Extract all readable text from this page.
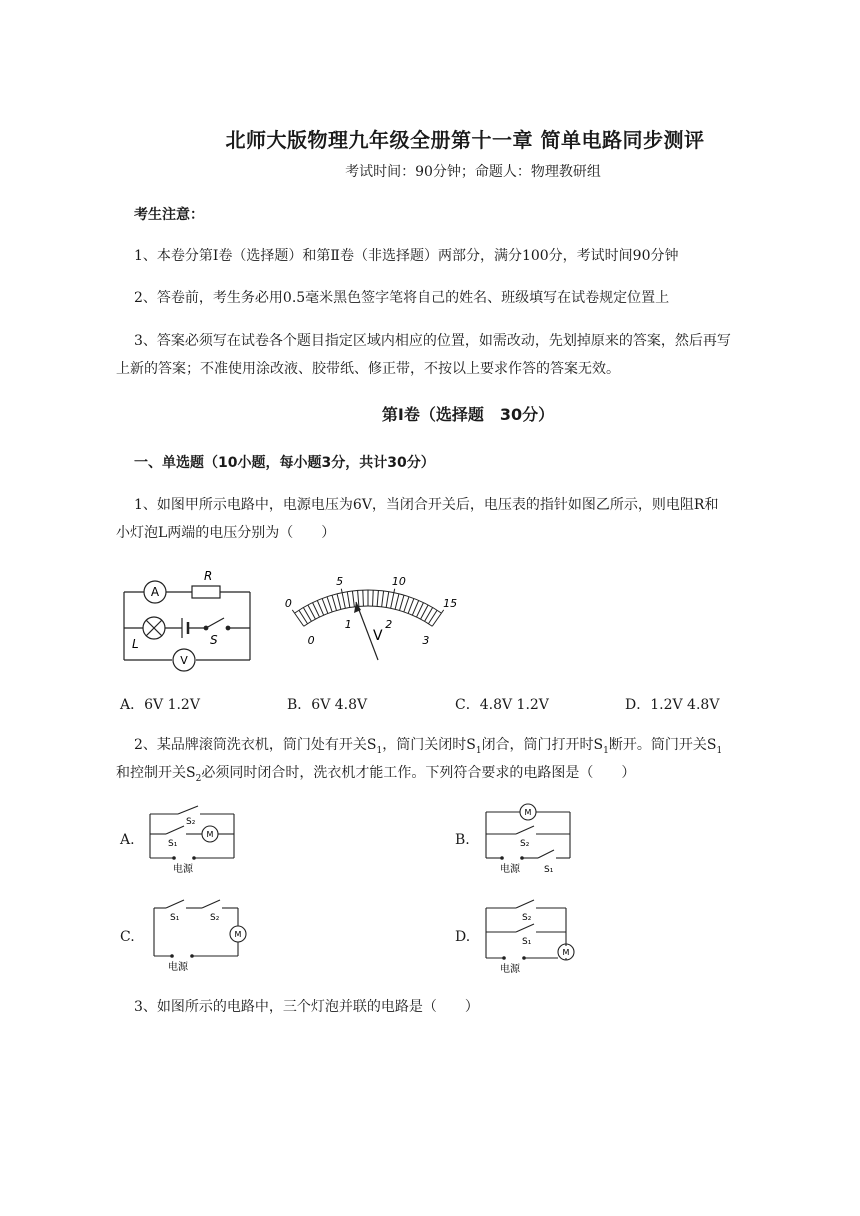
北师大版物理九年级全册第十一章 简单电路同步测评
考试时间：90分钟；命题人：物理教研组
考生注意：
1、本卷分第Ⅰ卷（选择题）和第Ⅱ卷（非选择题）两部分，满分100分，考试时间90分钟
2、答卷前，考生务必用0.5毫米黑色签字笔将自己的姓名、班级填写在试卷规定位置上
3、答案必须写在试卷各个题目指定区域内相应的位置，如需改动，先划掉原来的答案，然后再写
上新的答案；不准使用涂改液、胶带纸、修正带，不按以上要求作答的答案无效。
第Ⅰ卷（选择题　30分）
一、单选题（10小题，每小题3分，共计30分）
1、如图甲所示电路中，电源电压为6V，当闭合开关后，电压表的指针如图乙所示，则电阻R和
小灯泡L两端的电压分别为（　　）
A
R
L	S
V
0
5	10
15
0
1	2
3
V
A．6V 1.2V	B．6V 4.8V	C．4.8V 1.2V	D．1.2V 4.8V
2、某品牌滚筒洗衣机，筒门处有开关$S_1$，筒门关闭时$S_1$闭合，筒门打开时$S_1$断开。筒门开关$S_1$
和控制开关$S_2$必须同时闭合时，洗衣机才能工作。下列符合要求的电路图是（　　）
A.	B.
C.	D.
S₂
S₁
M
电源
M
S₂
电源	S₁
S₁	S₂
M
电源
S₂
S₁
M
电源
3、如图所示的电路中，三个灯泡并联的电路是（　　）
